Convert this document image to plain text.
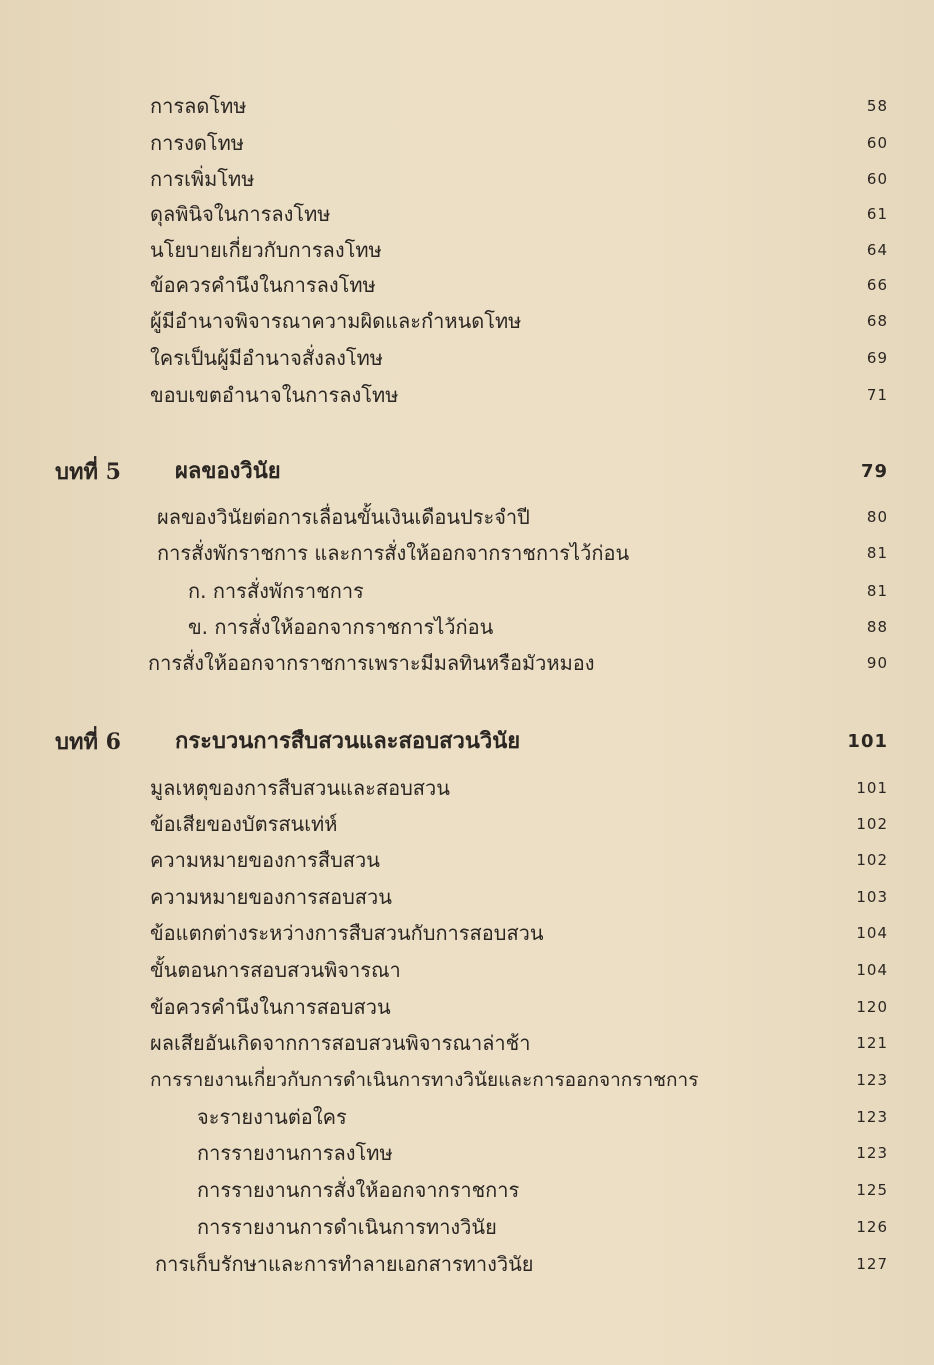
การลดโทษ	58
การงดโทษ	60
การเพิ่มโทษ	60
ดุลพินิจในการลงโทษ	61
นโยบายเกี่ยวกับการลงโทษ	64
ข้อควรคำนึงในการลงโทษ	66
ผู้มีอำนาจพิจารณาความผิดและกำหนดโทษ	68
ใครเป็นผู้มีอำนาจสั่งลงโทษ	69
ขอบเขตอำนาจในการลงโทษ	71
บทที่ 5 ผลของวินัย	79
ผลของวินัยต่อการเลื่อนขั้นเงินเดือนประจำปี	80
การสั่งพักราชการ และการสั่งให้ออกจากราชการไว้ก่อน	81
ก. การสั่งพักราชการ	81
ข. การสั่งให้ออกจากราชการไว้ก่อน	88
การสั่งให้ออกจากราชการเพราะมีมลทินหรือมัวหมอง	90
บทที่ 6 กระบวนการสืบสวนและสอบสวนวินัย	101
มูลเหตุของการสืบสวนและสอบสวน	101
ข้อเสียของบัตรสนเท่ห์	102
ความหมายของการสืบสวน	102
ความหมายของการสอบสวน	103
ข้อแตกต่างระหว่างการสืบสวนกับการสอบสวน	104
ขั้นตอนการสอบสวนพิจารณา	104
ข้อควรคำนึงในการสอบสวน	120
ผลเสียอันเกิดจากการสอบสวนพิจารณาล่าช้า	121
การรายงานเกี่ยวกับการดำเนินการทางวินัยและการออกจากราชการ	123
จะรายงานต่อใคร	123
การรายงานการลงโทษ	123
การรายงานการสั่งให้ออกจากราชการ	125
การรายงานการดำเนินการทางวินัย	126
การเก็บรักษาและการทำลายเอกสารทางวินัย	127
